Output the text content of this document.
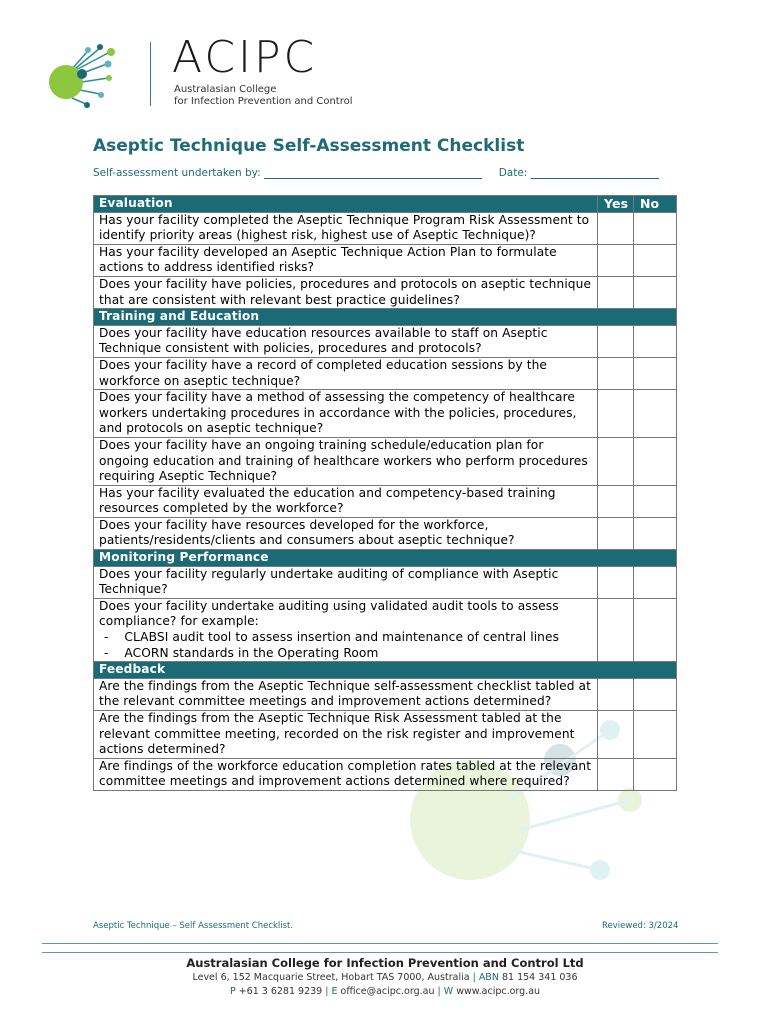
ACIPC
Australasian College
for Infection Prevention and Control
Aseptic Technique Self-Assessment Checklist
Self-assessment undertaken by:	Date:
Evaluation	Yes	No
Has your facility completed the Aseptic Technique Program Risk Assessment to identify priority areas (highest risk, highest use of Aseptic Technique)?		
Has your facility developed an Aseptic Technique Action Plan to formulate actions to address identified risks?		
Does your facility have policies, procedures and protocols on aseptic technique that are consistent with relevant best practice guidelines?		
Training and Education		
Does your facility have education resources available to staff on Aseptic Technique consistent with policies, procedures and protocols?		
Does your facility have a record of completed education sessions by the workforce on aseptic technique?		
Does your facility have a method of assessing the competency of healthcare workers undertaking procedures in accordance with the policies, procedures, and protocols on aseptic technique?		
Does your facility have an ongoing training schedule/education plan for ongoing education and training of healthcare workers who perform procedures requiring Aseptic Technique?		
Has your facility evaluated the education and competency-based training resources completed by the workforce?		
Does your facility have resources developed for the workforce, patients/residents/clients and consumers about aseptic technique?		
Monitoring Performance		
Does your facility regularly undertake auditing of compliance with Aseptic Technique?		
Does your facility undertake auditing using validated audit tools to assess compliance? for example:
- CLABSI audit tool to assess insertion and maintenance of central lines
- ACORN standards in the Operating Room		

Feedback		
Are the findings from the Aseptic Technique self-assessment checklist tabled at the relevant committee meetings and improvement actions determined?		
Are the findings from the Aseptic Technique Risk Assessment tabled at the relevant committee meeting, recorded on the risk register and improvement actions determined?		
Are findings of the workforce education completion rates tabled at the relevant committee meetings and improvement actions determined where required?		
Aseptic Technique – Self Assessment Checklist.	Reviewed: 3/2024
Australasian College for Infection Prevention and Control Ltd
Level 6, 152 Macquarie Street, Hobart TAS 7000, Australia | ABN 81 154 341 036
P +61 3 6281 9239 | E office@acipc.org.au | W www.acipc.org.au
